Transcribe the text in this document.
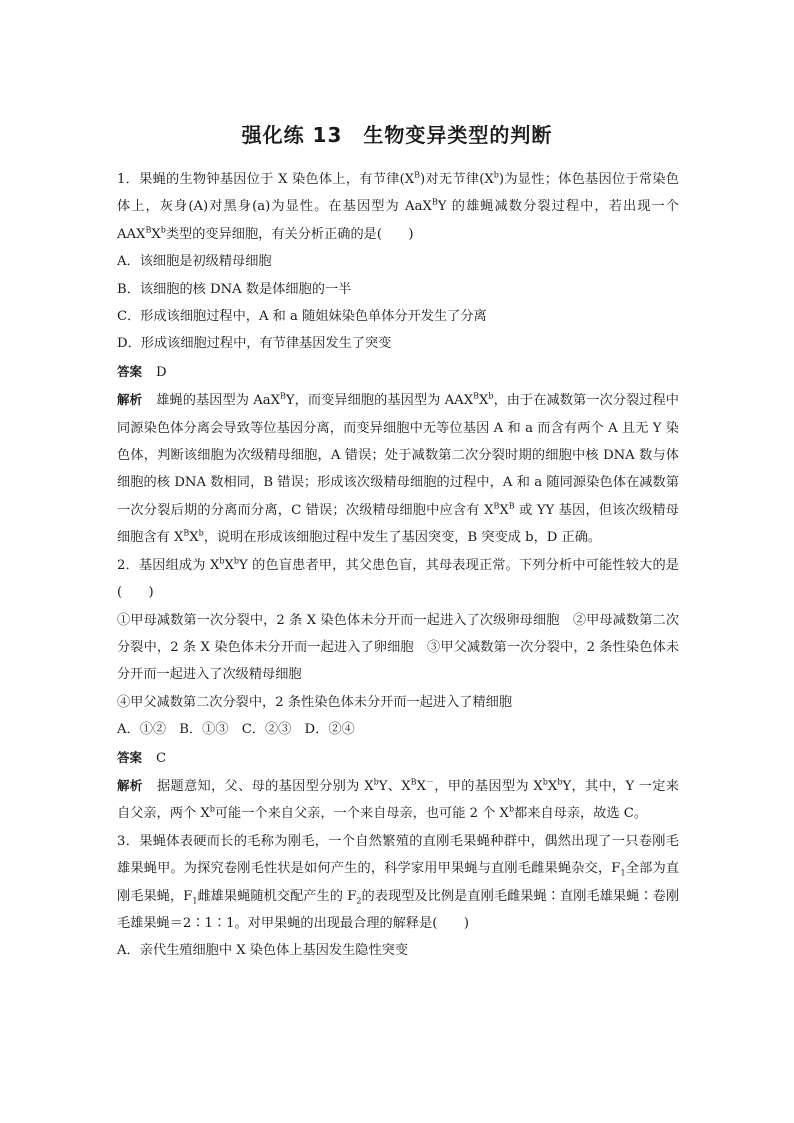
强化练 13　生物变异类型的判断

1．果蝇的生物钟基因位于 X 染色体上，有节律$(X^B)$对无节律$(X^b)$为显性；体色基因位于常染色体上，灰身(A)对黑身(a)为显性。在基因型为 AaX$^B$Y 的雄蝇减数分裂过程中，若出现一个 $AAX^BX^b$类型的变异细胞，有关分析正确的是(　　)

A．该细胞是初级精母细胞

B．该细胞的核 DNA 数是体细胞的一半

C．形成该细胞过程中，A 和 a 随姐妹染色单体分开发生了分离

D．形成该细胞过程中，有节律基因发生了突变

答案 D

解析 雄蝇的基因型为 AaX$^B$Y，而变异细胞的基因型为 $AAX^BX^b$，由于在减数第一次分裂过程中同源染色体分离会导致等位基因分离，而变异细胞中无等位基因 A 和 a 而含有两个 A 且无 Y 染色体，判断该细胞为次级精母细胞，A 错误；处于减数第二次分裂时期的细胞中核 DNA 数与体细胞的核 DNA 数相同，B 错误；形成该次级精母细胞的过程中，A 和 a 随同源染色体在减数第一次分裂后期的分离而分离，C 错误；次级精母细胞中应含有 $X^BX^B$ 或 YY 基因，但该次级精母细胞含有 $X^BX^b$，说明在形成该细胞过程中发生了基因突变，B 突变成 b，D 正确。

2．基因组成为 $X^bX^bY$ 的色盲患者甲，其父患色盲，其母表现正常。下列分析中可能性较大的是(　　)

①甲母减数第一次分裂中，2 条 X 染色体未分开而一起进入了次级卵母细胞　 ②甲母减数第二次分裂中，2 条 X 染色体未分开而一起进入了卵细胞　 ③甲父减数第一次分裂中，2 条性染色体未分开而一起进入了次级精母细胞

④甲父减数第二次分裂中，2 条性染色体未分开而一起进入了精细胞

A．①②　B．①③　C．②③　D．②④

答案 C

解析 据题意知，父、母的基因型分别为 $X^bY$、$X^BX^-$，甲的基因型为 $X^bX^bY$，其中，Y 一定来自父亲，两个 $X^b$可能一个来自父亲，一个来自母亲，也可能 2 个 $X^b$都来自母亲，故选 C。

3．果蝇体表硬而长的毛称为刚毛，一个自然繁殖的直刚毛果蝇种群中，偶然出现了一只卷刚毛雄果蝇甲。为探究卷刚毛性状是如何产生的，科学家用甲果蝇与直刚毛雌果蝇杂交，$F_1$全部为直刚毛果蝇，$F_1$雌雄果蝇随机交配产生的 $F_2$的表现型及比例是直刚毛雌果蝇∶直刚毛雄果蝇∶卷刚毛雄果蝇＝2∶1∶1。对甲果蝇的出现最合理的解释是(　　)

A．亲代生殖细胞中 X 染色体上基因发生隐性突变
